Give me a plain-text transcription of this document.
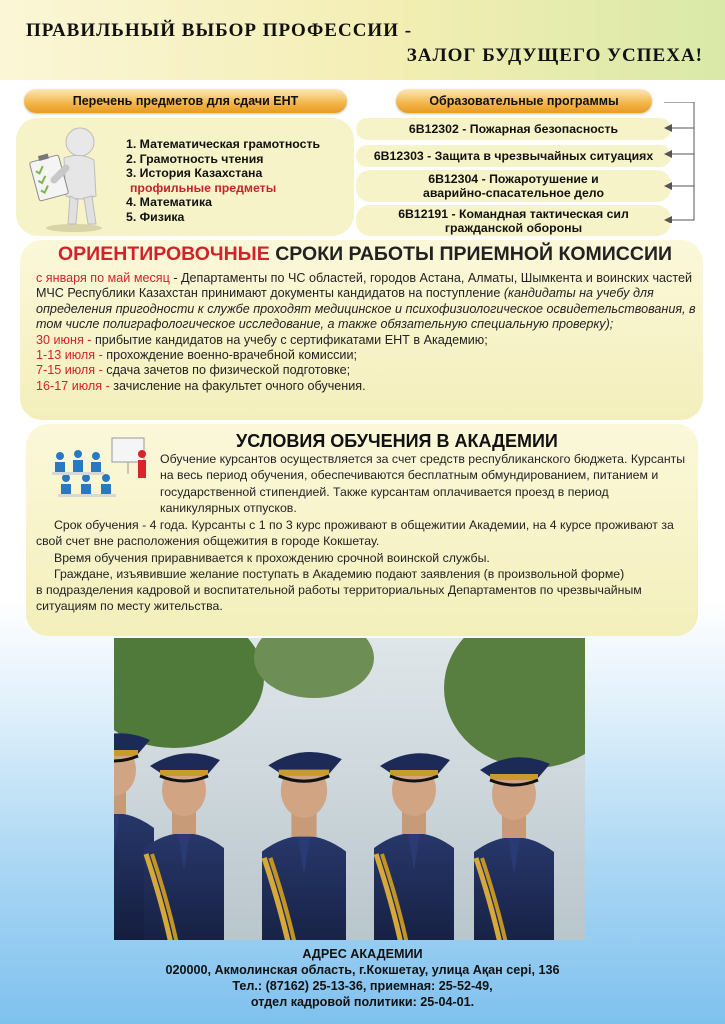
ПРАВИЛЬНЫЙ ВЫБОР ПРОФЕССИИ -
ЗАЛОГ БУДУЩЕГО УСПЕХА!
Перечень предметов для сдачи ЕНТ	Образовательные программы
1. Математическая грамотность
2. Грамотность чтения
3. История Казахстана
профильные предметы
4. Математика
5. Физика
6В12302 - Пожарная безопасность
6В12303 - Защита в чрезвычайных ситуациях
6В12304 - Пожаротушение и аварийно-спасательное дело
6В12191 - Командная тактическая сил гражданской обороны
ОРИЕНТИРОВОЧНЫЕ СРОКИ РАБОТЫ ПРИЕМНОЙ КОМИССИИ
с января по май месяц - Департаменты по ЧС областей, городов Астана, Алматы, Шымкента и воинских частей МЧС Республики Казахстан принимают документы кандидатов на поступление (кандидаты на учебу для определения пригодности к службе проходят медицинское и психофизиологическое освидетельствования, в том числе полиграфологическое исследование, а также обязательную специальную проверку);
30 июня - прибытие кандидатов на учебу с сертификатами ЕНТ в Академию;
1-13 июля - прохождение военно-врачебной комиссии;
7-15 июля - сдача зачетов по физической подготовке;
16-17 июля - зачисление на факультет очного обучения.
УСЛОВИЯ ОБУЧЕНИЯ В АКАДЕМИИ
Обучение курсантов осуществляется за счет средств республиканского бюджета. Курсанты на весь период обучения, обеспечиваются бесплатным обмундированием, питанием и государственной стипендией. Также курсантам оплачивается проезд в период каникулярных отпусков.

Срок обучения - 4 года. Курсанты с 1 по 3 курс проживают в общежитии Академии, на 4 курсе проживают за свой счет вне расположения общежития в городе Кокшетау.

Время обучения приравнивается к прохождению срочной воинской службы.

Граждане, изъявившие желание поступать в Академию подают заявления (в произвольной форме)

в подразделения кадровой и воспитательной работы территориальных Департаментов по чрезвычайным ситуациям по месту жительства.

АДРЕС АКАДЕМИИ
020000, Акмолинская область, г.Кокшетау, улица Ақан серi, 136
Тел.: (87162) 25-13-36, приемная: 25-52-49,
отдел кадровой политики: 25-04-01.
